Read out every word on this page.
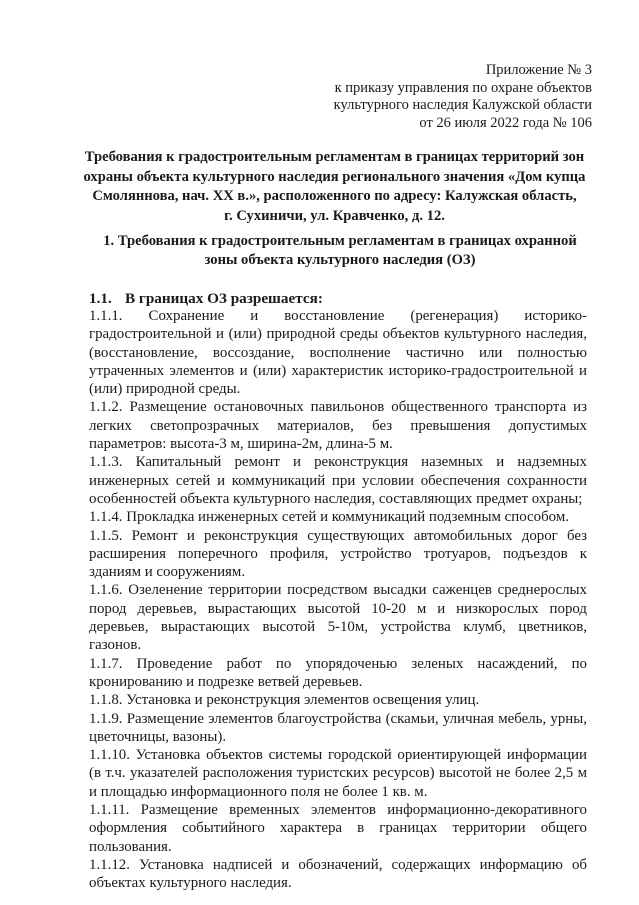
Приложение № 3
к приказу управления по охране объектов
культурного наследия Калужской области
от 26 июля 2022 года № 106
Требования к градостроительным регламентам в границах территорий зон
охраны объекта культурного наследия регионального значения «Дом купца
Смоляннова, нач. XX в.», расположенного по адресу: Калужская область,
г. Сухиничи, ул. Кравченко, д. 12.
1. Требования к градостроительным регламентам в границах охранной
зоны объекта культурного наследия (ОЗ)
1.1. В границах ОЗ разрешается:

1.1.1. Сохранение и восстановление (регенерация) историко-градостроительной и (или) природной среды объектов культурного наследия, (восстановление, воссоздание, восполнение частично или полностью утраченных элементов и (или) характеристик историко-градостроительной и (или) природной среды.

1.1.2. Размещение остановочных павильонов общественного транспорта из легких светопрозрачных материалов, без превышения допустимых параметров: высота-3 м, ширина-2м, длина-5 м.

1.1.3. Капитальный ремонт и реконструкция наземных и надземных инженерных сетей и коммуникаций при условии обеспечения сохранности особенностей объекта культурного наследия, составляющих предмет охраны;

1.1.4. Прокладка инженерных сетей и коммуникаций подземным способом.

1.1.5. Ремонт и реконструкция существующих автомобильных дорог без расширения поперечного профиля, устройство тротуаров, подъездов к зданиям и сооружениям.

1.1.6. Озеленение территории посредством высадки саженцев среднерослых пород деревьев, вырастающих высотой 10-20 м и низкорослых пород деревьев, вырастающих высотой 5-10м, устройства клумб, цветников, газонов.

1.1.7. Проведение работ по упорядоченью зеленых насаждений, по кронированию и подрезке ветвей деревьев.

1.1.8. Установка и реконструкция элементов освещения улиц.

1.1.9. Размещение элементов благоустройства (скамьи, уличная мебель, урны, цветочницы, вазоны).

1.1.10. Установка объектов системы городской ориентирующей информации (в т.ч. указателей расположения туристских ресурсов) высотой не более 2,5 м и площадью информационного поля не более 1 кв. м.

1.1.11. Размещение временных элементов информационно-декоративного оформления событийного характера в границах территории общего пользования.

1.1.12. Установка надписей и обозначений, содержащих информацию об объектах культурного наследия.
